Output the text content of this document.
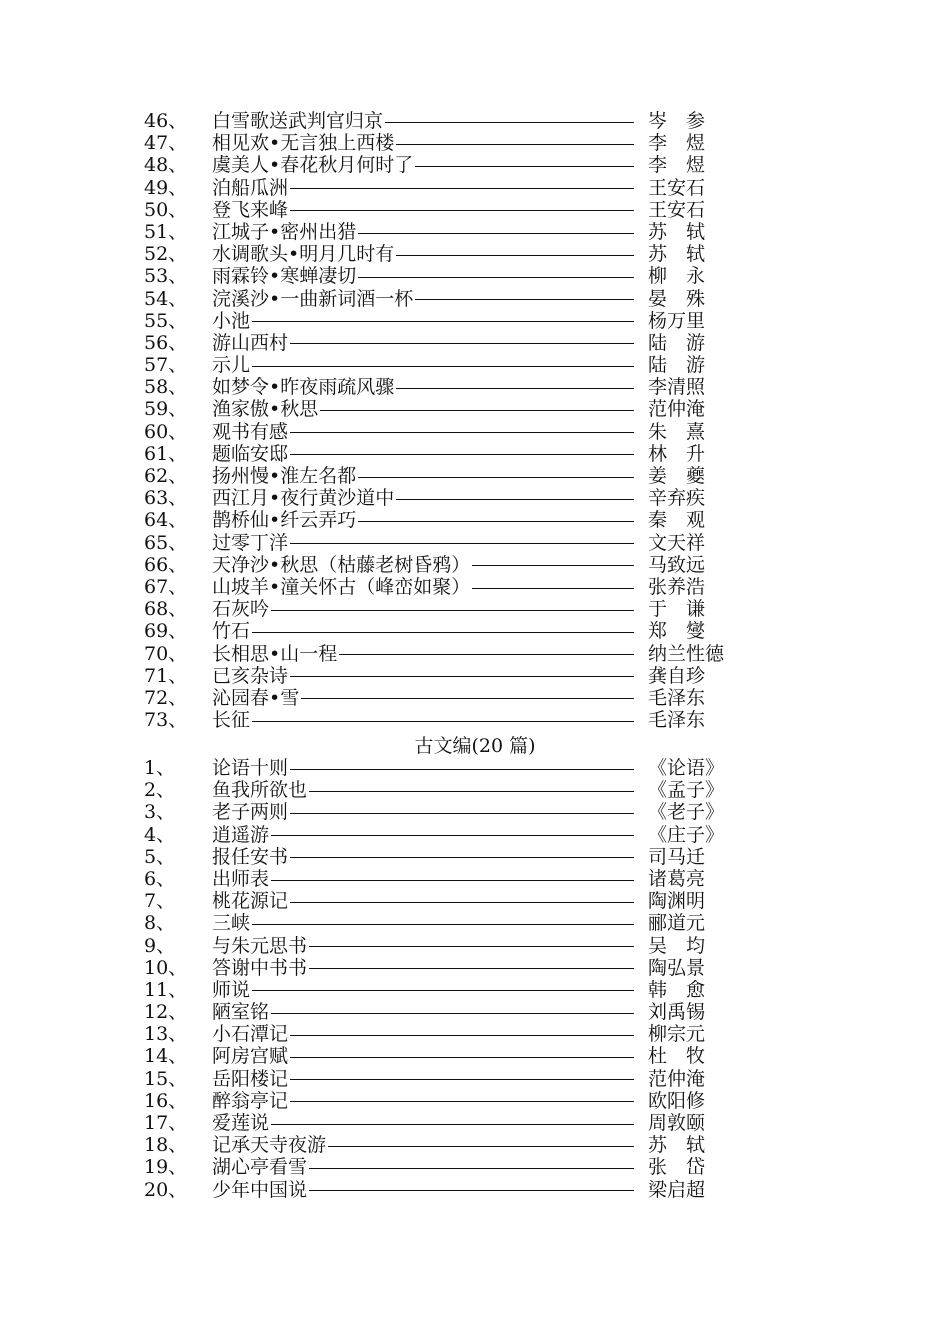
46、	白雪歌送武判官归京	岑　参
47、	相见欢•无言独上西楼	李　煜
48、	虞美人•春花秋月何时了	李　煜
49、	泊船瓜洲	王安石
50、	登飞来峰	王安石
51、	江城子•密州出猎	苏　轼
52、	水调歌头•明月几时有	苏　轼
53、	雨霖铃•寒蝉凄切	柳　永
54、	浣溪沙•一曲新词酒一杯	晏　殊
55、	小池	杨万里
56、	游山西村	陆　游
57、	示儿	陆　游
58、	如梦令•昨夜雨疏风骤	李清照
59、	渔家傲•秋思	范仲淹
60、	观书有感	朱　熹
61、	题临安邸	林　升
62、	扬州慢•淮左名都	姜　夔
63、	西江月•夜行黄沙道中	辛弃疾
64、	鹊桥仙•纤云弄巧	秦　观
65、	过零丁洋	文天祥
66、	天净沙•秋思（枯藤老树昏鸦）	马致远
67、	山坡羊•潼关怀古（峰峦如聚）	张养浩
68、	石灰吟	于　谦
69、	竹石	郑　燮
70、	长相思•山一程	纳兰性德
71、	已亥杂诗	龚自珍
72、	沁园春•雪	毛泽东
73、	长征	毛泽东
古文编(20 篇)
1、	论语十则	《论语》
2、	鱼我所欲也	《孟子》
3、	老子两则	《老子》
4、	逍遥游	《庄子》
5、	报任安书	司马迁
6、	出师表	诸葛亮
7、	桃花源记	陶渊明
8、	三峡	郦道元
9、	与朱元思书	吴　均
10、	答谢中书书	陶弘景
11、	师说	韩　愈
12、	陋室铭	刘禹锡
13、	小石潭记	柳宗元
14、	阿房宫赋	杜　牧
15、	岳阳楼记	范仲淹
16、	醉翁亭记	欧阳修
17、	爱莲说	周敦颐
18、	记承天寺夜游	苏　轼
19、	湖心亭看雪	张　岱
20、	少年中国说	梁启超
